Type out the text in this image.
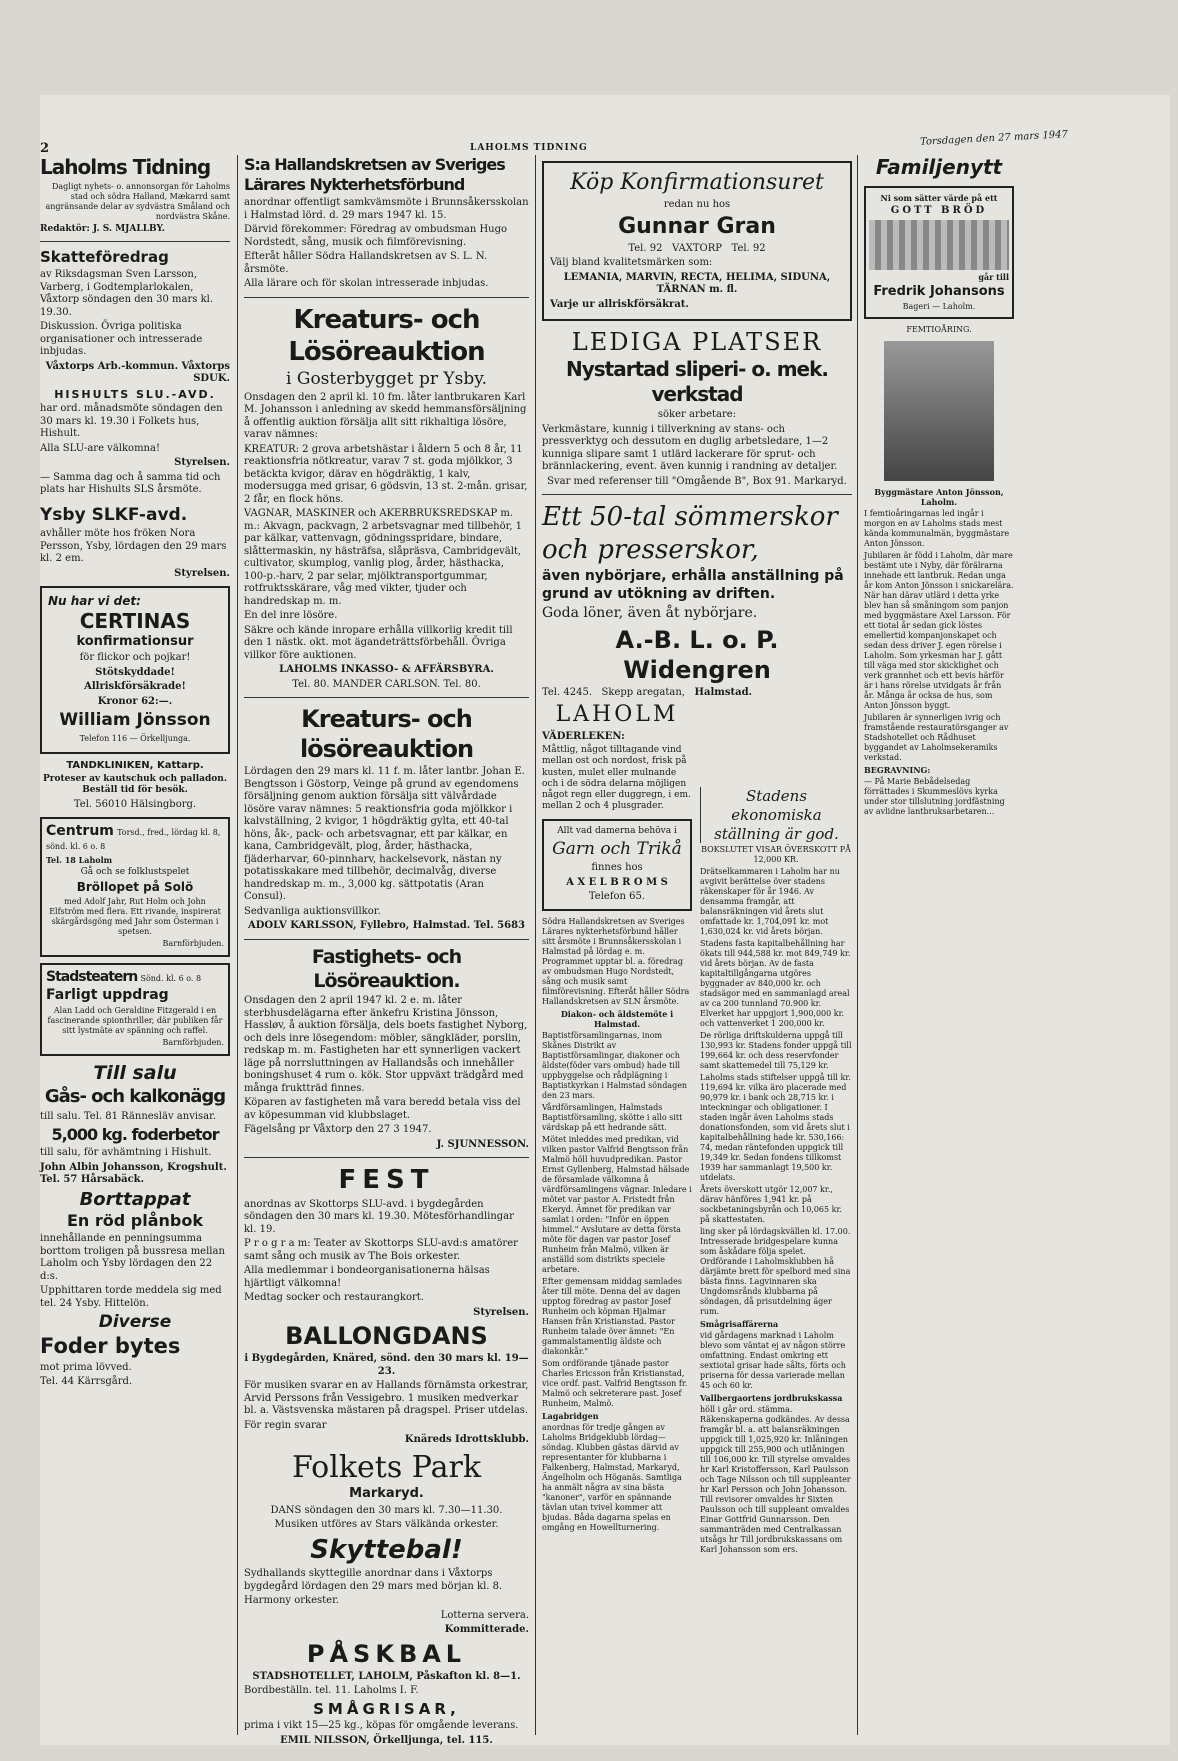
2	LAHOLMS TIDNING
Torsdagen den 27 mars 1947
Laholms Tidning

Dagligt nyhets- o. annonsorgan för Laholms stad och södra Halland, Mækarrd samt angränsande delar av sydvästra Småland och nordvästra Skåne.

Redaktör: J. S. MJALLBY.

Skatteföredrag

av Riksdagsman Sven Larsson, Varberg, i Godtemplarlokalen, Våxtorp söndagen den 30 mars kl. 19.30.

Diskussion. Övriga politiska organisationer och intresserade inbjudas.

Våxtorps Arb.-kommun. Våxtorps SDUK.

HISHULTS SLU.-AVD.

har ord. månadsmöte söndagen den 30 mars kl. 19.30 i Folkets hus, Hishult.

Alla SLU-are välkomna!

Styrelsen.

— Samma dag och å samma tid och plats har Hishults SLS årsmöte.

Ysby SLKF-avd.

avhåller möte hos fröken Nora Persson, Ysby, lördagen den 29 mars kl. 2 em.

Styrelsen.

Nu har vi det:
CERTINAS
konfirmationsur

för flickor och pojkar!

Stötskyddade!

Allriskförsäkrade!

Kronor 62:—.

William Jönsson

Telefon 116 — Örkelljunga.

TANDKLINIKEN, Kattarp.

Proteser av kautschuk och palladon. Beställ tid för besök.

Tel. 56010 Hälsingborg.

Centrum Torsd., fred., lördag kl. 8, sönd. kl. 6 o. 8

Tel. 18 Laholm

Gå och se folklustspelet

Bröllopet på Solö

med Adolf Jahr, Rut Holm och John Elfström med flera. Ett rivande, inspirerat skärgårdsgöng med Jahr som Österman i spetsen.

Barnförbjuden.

Stadsteatern Sönd. kl. 6 o. 8
Farligt uppdrag

Alan Ladd och Geraldine Fitzgerald i en fascinerande spionthriller, där publiken får sitt lystmäte av spänning och raffel.

Barnförbjuden.

Till salu
Gås- och kalkonägg

till salu. Tel. 81 Rännesläv anvisar.

5,000 kg. foderbetor

till salu, för avhämtning i Hishult.

John Albin Johansson, Krogshult. Tel. 57 Hårsabäck.

Borttappat
En röd plånbok

innehållande en penningsumma borttom troligen på bussresa mellan Laholm och Ysby lördagen den 22 d:s.

Upphittaren torde meddela sig med tel. 24 Ysby. Hittelön.

Diverse
Foder bytes

mot prima lövved.

Tel. 44 Kärrsgård.

S:a Hallandskretsen av Sveriges Lärares Nykterhetsförbund

anordnar offentligt samkvämsmöte i Brunnsåkersskolan i Halmstad lörd. d. 29 mars 1947 kl. 15.

Därvid förekommer: Föredrag av ombudsman Hugo Nordstedt, sång, musik och filmförevisning.

Efteråt håller Södra Hallandskretsen av S. L. N. årsmöte.

Alla lärare och för skolan intresserade inbjudas.

Kreaturs- och Lösöreauktion
i Gosterbygget pr Ysby.

Onsdagen den 2 april kl. 10 fm. låter lantbrukaren Karl M. Johansson i anledning av skedd hemmansförsäljning å offentlig auktion försälja allt sitt rikhaltiga lösöre, varav nämnes:

KREATUR: 2 grova arbetshästar i åldern 5 och 8 år, 11 reaktionsfria nötkreatur, varav 7 st. goda mjölkkor, 3 betäckta kvigor, därav en högdräktig, 1 kalv, modersugga med grisar, 6 gödsvin, 13 st. 2-mån. grisar, 2 får, en flock höns.

VAGNAR, MASKINER och AKERBRUKSREDSKAP m. m.: Akvagn, packvagn, 2 arbetsvagnar med tillbehör, 1 par kälkar, vattenvagn, gödningsspridare, bindare, slåttermaskin, ny hästräfsa, slåpräsva, Cambridgevält, cultivator, skumplog, vanlig plog, årder, hästhacka, 100-p.-harv, 2 par selar, mjölktransportgummar, rotfruktsskärare, våg med vikter, tjuder och handredskap m. m.

En del inre lösöre.

Säkre och kände inropare erhålla villkorlig kredit till den 1 nästk. okt. mot ägandeträttsförbehåll. Övriga villkor före auktionen.

LAHOLMS INKASSO- & AFFÄRSBYRA.

Tel. 80. MANDER CARLSON. Tel. 80.

Kreaturs- och lösöreauktion

Lördagen den 29 mars kl. 11 f. m. låter lantbr. Johan E. Bengtsson i Göstorp, Veinge på grund av egendomens försäljning genom auktion försälja sitt välvårdade lösöre varav nämnes: 5 reaktionsfria goda mjölkkor i kalvställning, 2 kvigor, 1 högdräktig gylta, ett 40-tal höns, åk-, pack- och arbetsvagnar, ett par kälkar, en kana, Cambridgevält, plog, årder, hästhacka, fjäderharvar, 60-pinnharv, hackelsevork, nästan ny potatisskakare med tillbehör, decimalvåg, diverse handredskap m. m., 3,000 kg. sättpotatis (Aran Consul).

Sedvanliga auktionsvillkor.

ADOLV KARLSSON, Fyllebro, Halmstad. Tel. 5683

Fastighets- och Lösöreauktion.

Onsdagen den 2 april 1947 kl. 2 e. m. låter sterbhusdelägarna efter änkefru Kristina Jönsson, Hassløv, å auktion försälja, dels boets fastighet Nyborg, och dels inre lösegendom: möbler, sängkläder, porslin, redskap m. m. Fastigheten har ett synnerligen vackert läge på norrsluttningen av Hallandsås och innehåller boningshuset 4 rum o. kök. Stor uppväxt trädgård med många fruktträd finnes.

Köparen av fastigheten må vara beredd betala viss del av köpesumman vid klubbslaget.

Fägelsång pr Våxtorp den 27 3 1947.

J. SJUNNESSON.

FEST

anordnas av Skottorps SLU-avd. i bygdegården söndagen den 30 mars kl. 19.30. Mötesförhandlingar kl. 19.

P r o g r a m: Teater av Skottorps SLU-avd:s amatörer samt sång och musik av The Bois orkester.

Alla medlemmar i bondeorganisationerna hälsas hjärtligt välkomna!

Medtag socker och restaurangkort.

Styrelsen.

BALLONGDANS

i Bygdegården, Knäred, sönd. den 30 mars kl. 19—23.

För musiken svarar en av Hallands förnämsta orkestrar, Arvid Perssons från Vessigebro. 1 musiken medverkar bl. a. Västsvenska mästaren på dragspel. Priser utdelas.

För regin svarar

Knäreds Idrottsklubb.

Folkets Park
Markaryd.

DANS söndagen den 30 mars kl. 7.30—11.30.

Musiken utföres av Stars välkända orkester.

Skyttebal!

Sydhallands skyttegille anordnar dans i Våxtorps bygdegård lördagen den 29 mars med början kl. 8.

Harmony orkester.

Lotterna servera.

Kommitterade.

PÅSKBAL

STADSHOTELLET, LAHOLM, Påskafton kl. 8—1.

Bordbeställn. tel. 11. Laholms I. F.

SMÅGRISAR,

prima i vikt 15—25 kg., köpas för omgående leverans.

EMIL NILSSON, Örkelljunga, tel. 115.

Köp Konfirmationsuret

redan nu hos

Gunnar Gran

Tel. 92 VAXTORP Tel. 92

Välj bland kvalitetsmärken som:

LEMANIA, MARVIN, RECTA, HELIMA, SIDUNA, TÄRNAN m. fl.

Varje ur allriskförsäkrat.

LEDIGA PLATSER
Nystartad sliperi- o. mek. verkstad

söker arbetare:

Verkmästare, kunnig i tillverkning av stans- och pressverktyg och dessutom en duglig arbetsledare, 1—2 kunniga slipare samt 1 utlärd lackerare för sprut- och brännlackering, event. även kunnig i randning av detaljer.

Svar med referenser till "Omgående B", Box 91. Markaryd.

Ett 50-tal sömmerskor
och presserskor,

även nybörjare, erhålla anställning på grund av utökning av driften.

Goda löner, även åt nybörjare.

A.-B. L. o. P. Widengren

Tel. 4245. Skepp aregatan, Halmstad.

LAHOLM

VÄDERLEKEN:

Måttlig, något tilltagande vind mellan ost och nordost, frisk på kusten, mulet eller mulnande och i de södra delarna möjligen något regn eller duggregn, i em. mellan 2 och 4 plusgrader.

Allt vad damerna behöva i

Garn och Trikå

finnes hos

A X E L B R O M S

Telefon 65.

Södra Hallandskretsen av Sveriges Lärares nykterhetsförbund håller sitt årsmöte i Brunnsåkersskolan i Halmstad på lördag e. m. Programmet upptar bl. a. föredrag av ombudsman Hugo Nordstedt, sång och musik samt filmförevisning. Efteråt håller Södra Hallandskretsen av SLN årsmöte.

Diakon- och äldstemöte i Halmstad.

Baptistförsamlingarnas, inom Skånes Distrikt av Baptistförsamlingar, diakoner och äldste(föder vars ombud) hade till uppbyggelse och rådplägning i Baptistkyrkan i Halmstad söndagen den 23 mars.

Vårdförsamlingen, Halmstads Baptistförsamling, skötte i allo sitt värdskap på ett hedrande sätt.

Mötet inleddes med predikan, vid vilken pastor Valfrid Bengtsson från Malmö höll huvudpredikan. Pastor Ernst Gyllenberg, Halmstad hälsade de församlade välkomna å värdförsamlingens vägnar. Inledare i mötet var pastor A. Fristedt från Ekeryd. Ämnet för predikan var samlat i orden: "Inför en öppen himmel." Avslutare av detta första möte för dagen var pastor Josef Runheim från Malmö, vilken är anställd som distrikts speciele arbetare.

Efter gemensam middag samlades åter till möte. Denna del av dagen upptog föredrag av pastor Josef Runheim och köpman Hjalmar Hansen från Kristianstad. Pastor Runheim talade över ämnet: "En gammalstamentlig äldste och diakonkår."

Som ordförande tjänade pastor Charles Ericsson från Kristianstad, vice ordf. past. Valfrid Bengtsson fr. Malmö och sekreterare past. Josef Runheim, Malmö.

Lagabridgen

anordnas för tredje gången av Laholms Bridgeklubb lördag—söndag. Klubben gästas därvid av representanter för klubbarna i Falkenberg, Halmstad, Markaryd, Ängelholm och Höganäs. Samtliga ha anmält några av sina bästa "kanoner", varför en spännande tävlan utan tvivel kommer att bjudas. Båda dagarna spelas en omgång en Howellturnering.

Stadens ekonomiska ställning är god.

BOKSLUTET VISAR ÖVERSKOTT PÅ 12,000 KR.

Drätselkammaren i Laholm har nu avgivit berättelse över stadens räkenskaper för år 1946. Av densamma framgår, att balansräkningen vid årets slut omfattade kr. 1,704,091 kr. mot 1,630,024 kr. vid årets början.

Stadens fasta kapitalbehållning har ökats till 944,588 kr. mot 849,749 kr. vid årets början. Av de fasta kapitaltillgångarna utgöres byggnader av 840,000 kr. och stadsägor med en sammanlagd areal av ca 200 tunnland 70.900 kr. Elverket har uppgjort 1,900,000 kr. och vattenverket 1 200,000 kr.

De rörliga driftskulderna uppgå till 130,993 kr. Stadens fonder uppgå till 199,664 kr. och dess reservfonder samt skattemedel till 75,129 kr.

Laholms stads stiftelser uppgå till kr. 119,694 kr. vilka äro placerade med 90,979 kr. i bank och 28,715 kr. i inteckningar och obligationer. I staden ingår även Laholms stads donationsfonden, som vid årets slut i kapitalbehållning hade kr. 530,166: 74, medan räntefonden uppgick till 19,349 kr. Sedan fondens tillkomst 1939 har sammanlagt 19,500 kr. utdelats.

Årets överskott utgör 12,007 kr., därav hänföres 1,941 kr. på sockbetaningsbyrån och 10,065 kr. på skattestaten.

ling sker på lördagskvällen kl. 17.00. Intresserade bridgespelare kunna som åskådare följa spelet. Ordförande i Laholmsklubben hå därjämte brett för spelbord med sina bästa finns. Lagvinnaren ska Ungdomsrånds klubbarna på söndagen, då prisutdelning äger rum.

Smågrisaffärerna

vid gårdagens marknad i Laholm blevo som väntat ej av någon större omfattning. Endast omkring ett sextiotal grisar hade sålts, förts och priserna för dessa varierade mellan 45 och 60 kr.

Vallbergaortens jordbrukskassa

höll i går ord. stämma. Räkenskaperna godkändes. Av dessa framgår bl. a. att balansräkningen uppgick till 1,025,920 kr. Inlåningen uppgick till 255,900 och utlåningen till 106,000 kr. Till styrelse omvaldes hr Karl Kristoffersson, Karl Paulsson och Tage Nilsson och till suppleanter hr Karl Persson och John Johansson. Till revisorer omvaldes hr Sixten Paulsson och till suppleant omvaldes Einar Gottfrid Gunnarsson. Den sammanträden med Centralkassan utsågs hr Till jordbrukskassans om Karl Johansson som ers.

Familjenytt

Ni som sätter värde på ett

GOTT BRÖD

går till

Fredrik Johansons

Bageri — Laholm.

FEMTIOÅRING.

Byggmästare Anton Jönsson, Laholm.

I femtioåringarnas led ingår i morgon en av Laholms stads mest kända kommunalmän, byggmästare Anton Jönsson.

Jubilaren är född i Laholm, där mare bestämt ute i Nyby, där förälrarna innehade ett lantbruk. Redan unga år kom Anton Jönsson i snickarelära. När han därav utlärd i detta yrke blev han så småningom som panjon med byggmästare Axel Larsson. För ett tiotal år sedan gick löstes emellertid kompanjonskapet och sedan dess driver J. egen rörelse i Laholm. Som yrkesman har J. gått till väga med stor skicklighet och verk grannhet och ett bevis härför är i hans rörelse utvidgats år från år. Många år ocksa de hus, som Anton Jönsson byggt.

Jubilaren är synnerligen ivrig och framstående restauratörsganger av Stadshotellet och Rådhuset byggandet av Laholmsekeramiks verkstad.

BEGRAVNING:

— På Marie Bebådelsedag förrättades i Skummeslövs kyrka under stor tillslutning jordfästning av avlidne lantbruksarbetaren...
